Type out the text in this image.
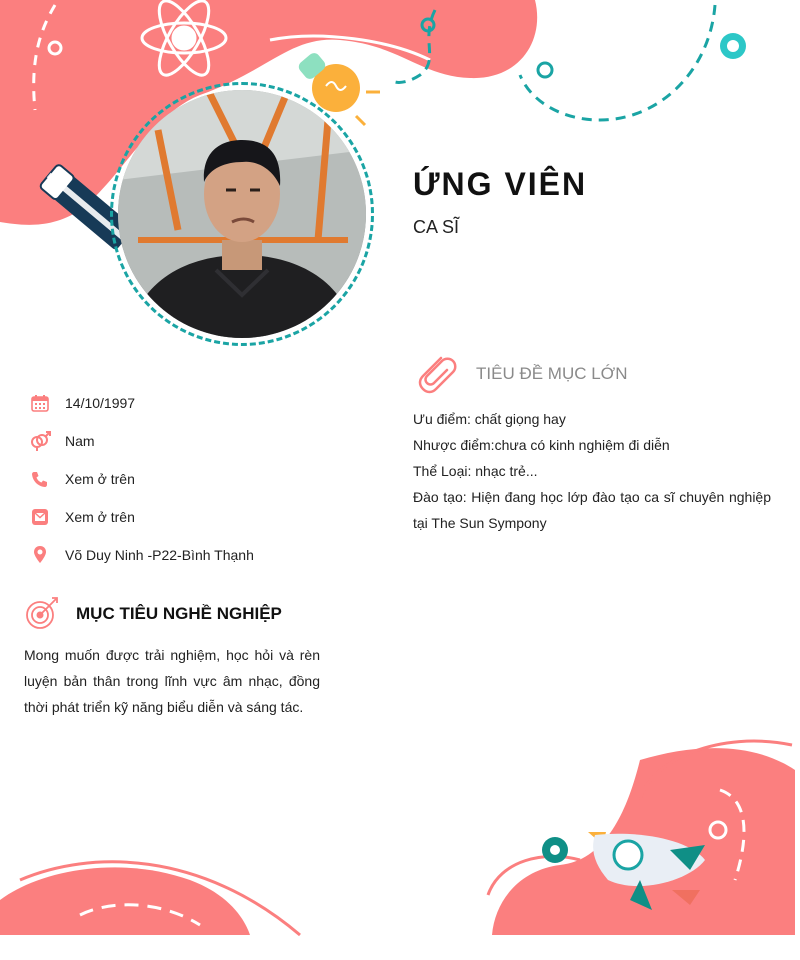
ỨNG VIÊN

CA SĨ

14/10/1997
Nam
Xem ở trên
Xem ở trên
Võ Duy Ninh -P22-Bình Thạnh
MỤC TIÊU NGHỀ NGHIỆP
Mong muốn được trải nghiệm, học hỏi và rèn luyện bản thân trong lĩnh vực âm nhạc, đồng thời phát triển kỹ năng biểu diễn và sáng tác.
TIÊU ĐỀ MỤC LỚN
Ưu điểm: chất giọng hay
Nhược điểm:chưa có kinh nghiệm đi diễn
Thể Loại: nhạc trẻ...
Đào tạo: Hiện đang học lớp đào tạo ca sĩ chuyên nghiệp tại The Sun Sympony
